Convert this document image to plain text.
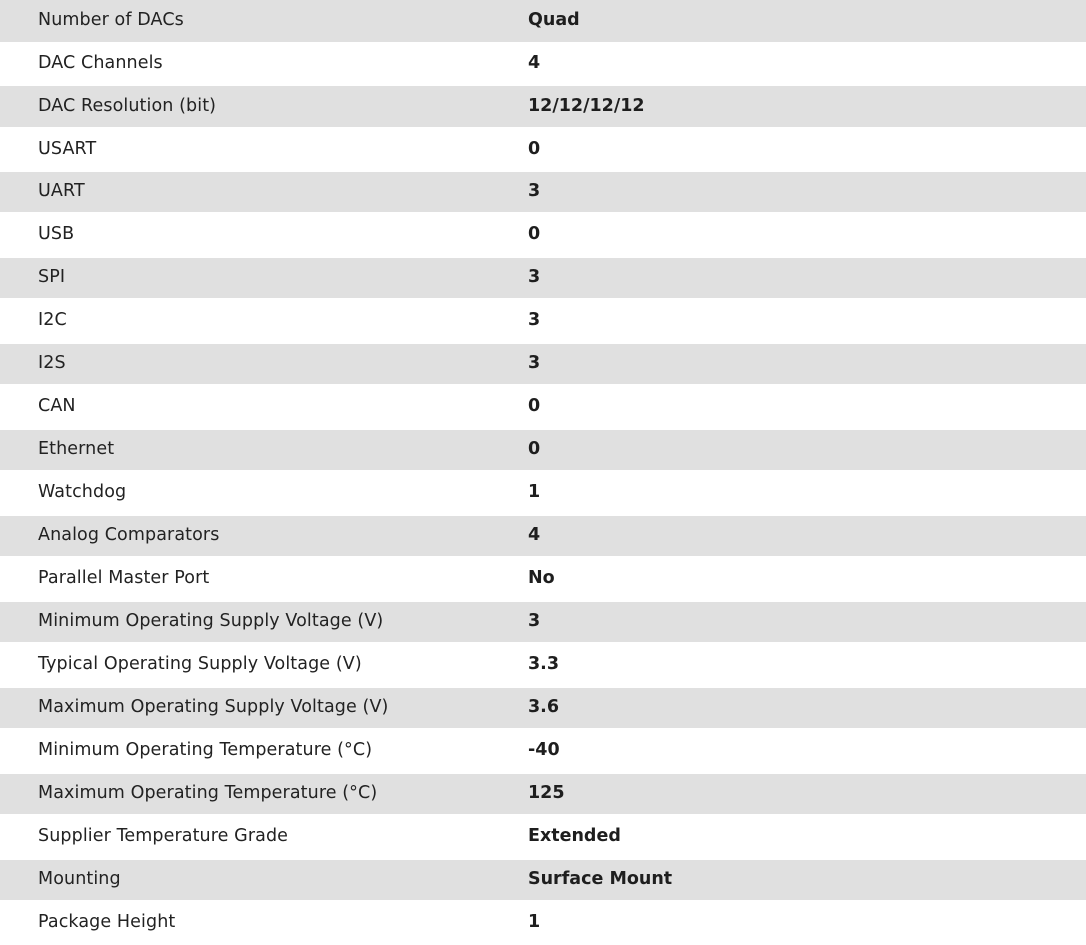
Number of DACs	Quad
DAC Channels	4
DAC Resolution (bit)	12/12/12/12
USART	0
UART	3
USB	0
SPI	3
I2C	3
I2S	3
CAN	0
Ethernet	0
Watchdog	1
Analog Comparators	4
Parallel Master Port	No
Minimum Operating Supply Voltage (V)	3
Typical Operating Supply Voltage (V)	3.3
Maximum Operating Supply Voltage (V)	3.6
Minimum Operating Temperature (°C)	-40
Maximum Operating Temperature (°C)	125
Supplier Temperature Grade	Extended
Mounting	Surface Mount
Package Height	1
